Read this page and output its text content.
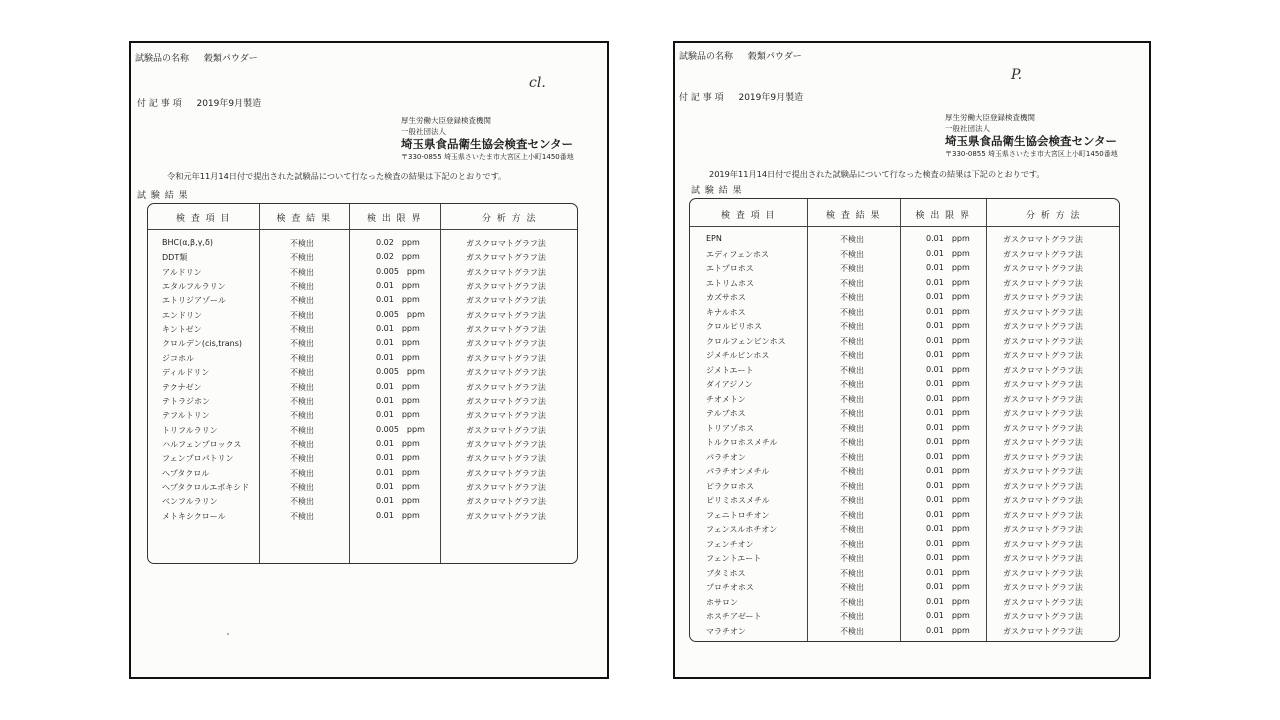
試験品の名称 穀類パウダー
cl.
付 記 事 項 2019年9月製造
厚生労働大臣登録検査機関
一般社団法人
埼玉県食品衛生協会検査センター
〒330-0855 埼玉県さいたま市大宮区上小町1450番地
令和元年11月14日付で提出された試験品について行なった検査の結果は下記のとおりです。
試 験 結 果
検 査 項 目	検 査 結 果	検 出 限 界	分 析 方 法
BHC(α,β,γ,δ)	不検出	0.02 ppm	ガスクロマトグラフ法
DDT類	不検出	0.02 ppm	ガスクロマトグラフ法
アルドリン	不検出	0.005 ppm	ガスクロマトグラフ法
エタルフルラリン	不検出	0.01 ppm	ガスクロマトグラフ法
エトリジアゾール	不検出	0.01 ppm	ガスクロマトグラフ法
エンドリン	不検出	0.005 ppm	ガスクロマトグラフ法
キントゼン	不検出	0.01 ppm	ガスクロマトグラフ法
クロルデン(cis,trans)	不検出	0.01 ppm	ガスクロマトグラフ法
ジコホル	不検出	0.01 ppm	ガスクロマトグラフ法
ディルドリン	不検出	0.005 ppm	ガスクロマトグラフ法
テクナゼン	不検出	0.01 ppm	ガスクロマトグラフ法
テトラジホン	不検出	0.01 ppm	ガスクロマトグラフ法
テフルトリン	不検出	0.01 ppm	ガスクロマトグラフ法
トリフルラリン	不検出	0.005 ppm	ガスクロマトグラフ法
ハルフェンプロックス	不検出	0.01 ppm	ガスクロマトグラフ法
フェンプロパトリン	不検出	0.01 ppm	ガスクロマトグラフ法
ヘプタクロル	不検出	0.01 ppm	ガスクロマトグラフ法
ヘプタクロルエポキシド	不検出	0.01 ppm	ガスクロマトグラフ法
ベンフルラリン	不検出	0.01 ppm	ガスクロマトグラフ法
メトキシクロール	不検出	0.01 ppm	ガスクロマトグラフ法
試験品の名称 穀類パウダー
P.
付 記 事 項 2019年9月製造
厚生労働大臣登録検査機関
一般社団法人
埼玉県食品衛生協会検査センター
〒330-0855 埼玉県さいたま市大宮区上小町1450番地
2019年11月14日付で提出された試験品について行なった検査の結果は下記のとおりです。
試 験 結 果
検 査 項 目	検 査 結 果	検 出 限 界	分 析 方 法
EPN	不検出	0.01 ppm	ガスクロマトグラフ法
エディフェンホス	不検出	0.01 ppm	ガスクロマトグラフ法
エトプロホス	不検出	0.01 ppm	ガスクロマトグラフ法
エトリムホス	不検出	0.01 ppm	ガスクロマトグラフ法
カズサホス	不検出	0.01 ppm	ガスクロマトグラフ法
キナルホス	不検出	0.01 ppm	ガスクロマトグラフ法
クロルピリホス	不検出	0.01 ppm	ガスクロマトグラフ法
クロルフェンビンホス	不検出	0.01 ppm	ガスクロマトグラフ法
ジメチルビンホス	不検出	0.01 ppm	ガスクロマトグラフ法
ジメトエート	不検出	0.01 ppm	ガスクロマトグラフ法
ダイアジノン	不検出	0.01 ppm	ガスクロマトグラフ法
チオメトン	不検出	0.01 ppm	ガスクロマトグラフ法
テルブホス	不検出	0.01 ppm	ガスクロマトグラフ法
トリアゾホス	不検出	0.01 ppm	ガスクロマトグラフ法
トルクロホスメチル	不検出	0.01 ppm	ガスクロマトグラフ法
パラチオン	不検出	0.01 ppm	ガスクロマトグラフ法
パラチオンメチル	不検出	0.01 ppm	ガスクロマトグラフ法
ピラクロホス	不検出	0.01 ppm	ガスクロマトグラフ法
ピリミホスメチル	不検出	0.01 ppm	ガスクロマトグラフ法
フェニトロチオン	不検出	0.01 ppm	ガスクロマトグラフ法
フェンスルホチオン	不検出	0.01 ppm	ガスクロマトグラフ法
フェンチオン	不検出	0.01 ppm	ガスクロマトグラフ法
フェントエート	不検出	0.01 ppm	ガスクロマトグラフ法
ブタミホス	不検出	0.01 ppm	ガスクロマトグラフ法
プロチオホス	不検出	0.01 ppm	ガスクロマトグラフ法
ホサロン	不検出	0.01 ppm	ガスクロマトグラフ法
ホスチアゼート	不検出	0.01 ppm	ガスクロマトグラフ法
マラチオン	不検出	0.01 ppm	ガスクロマトグラフ法
